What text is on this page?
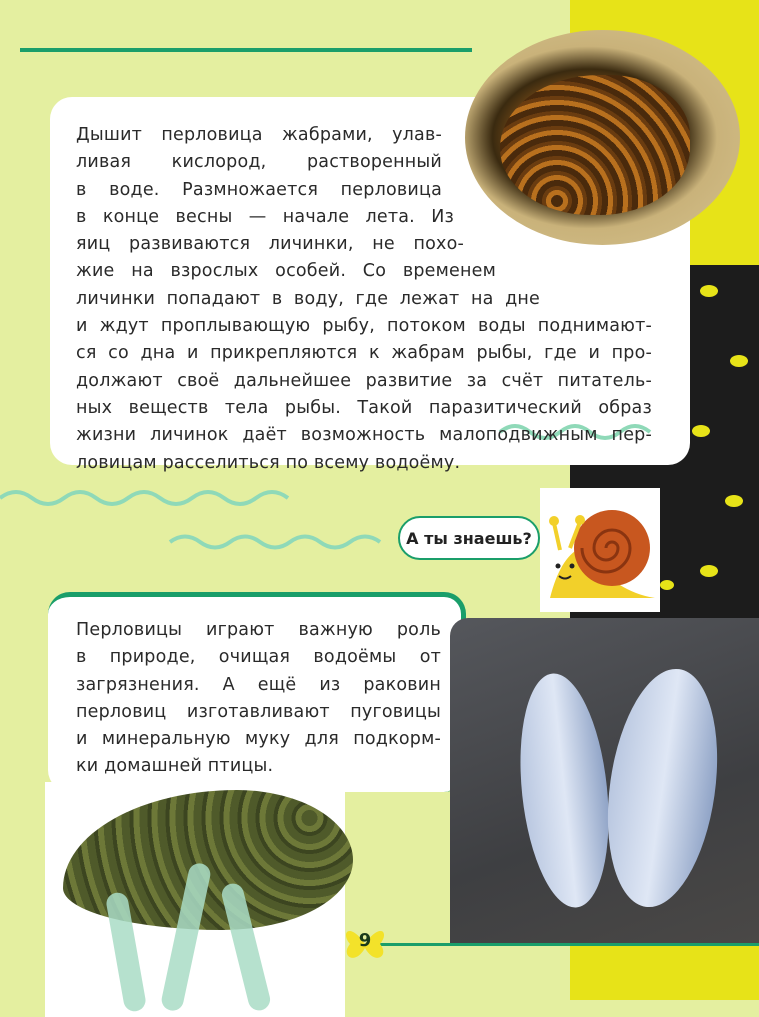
Дышит перловица жабрами, улав-
ливая кислород, растворенный
в воде. Размножается перловица
в конце весны — начале лета. Из
яиц развиваются личинки, не похо-
жие на взрослых особей. Со временем
личинки попадают в воду, где лежат на дне
и ждут проплывающую рыбу, потоком воды поднимают-
ся со дна и прикрепляются к жабрам рыбы, где и про-
должают своё дальнейшее развитие за счёт питатель-
ных веществ тела рыбы. Такой паразитический образ
жизни личинок даёт возможность малоподвижным пер-
ловицам расселиться по всему водоёму.
А ты знаешь?
Перловицы играют важную роль
в природе, очищая водоёмы от
загрязнения. А ещё из раковин
перловиц изготавливают пуговицы
и минеральную муку для подкорм-
ки домашней птицы.
9
